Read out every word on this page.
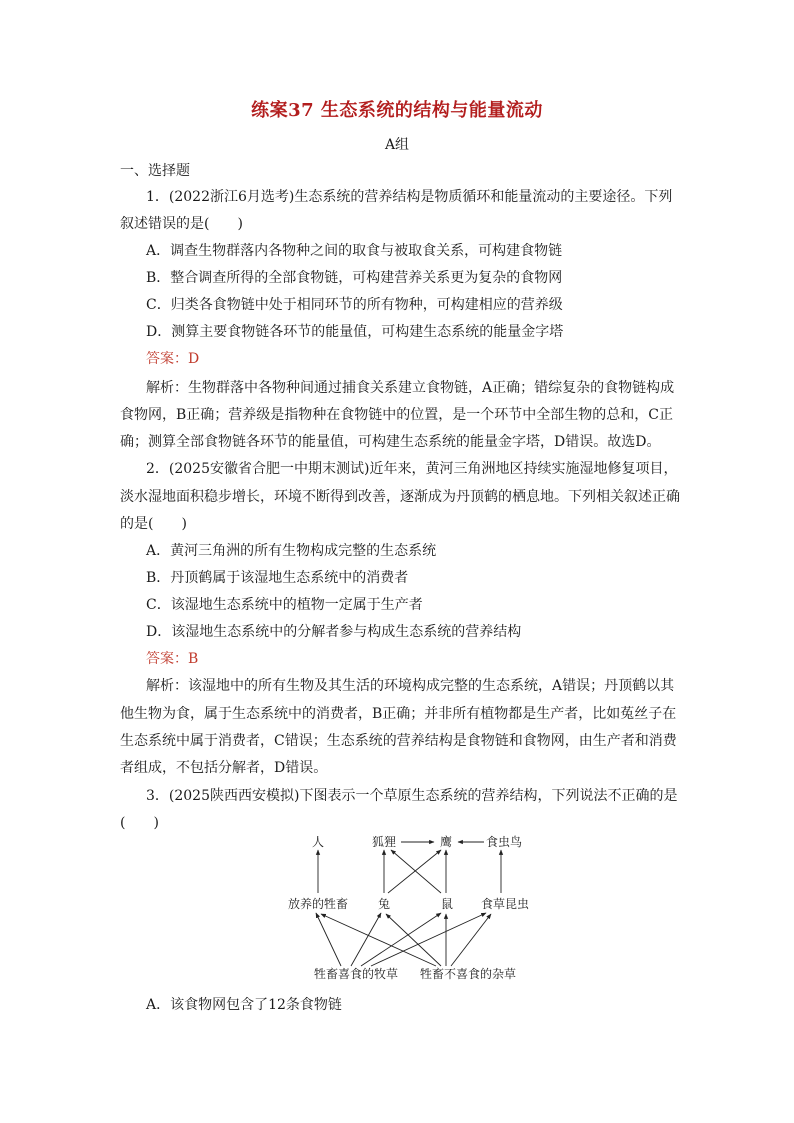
练案37 生态系统的结构与能量流动
A组
一、选择题
1．(2022浙江6月选考)生态系统的营养结构是物质循环和能量流动的主要途径。下列
叙述错误的是(　　)
A．调查生物群落内各物种之间的取食与被取食关系，可构建食物链
B．整合调查所得的全部食物链，可构建营养关系更为复杂的食物网
C．归类各食物链中处于相同环节的所有物种，可构建相应的营养级
D．测算主要食物链各环节的能量值，可构建生态系统的能量金字塔
答案：D
解析：生物群落中各物种间通过捕食关系建立食物链，A正确；错综复杂的食物链构成
食物网，B正确；营养级是指物种在食物链中的位置，是一个环节中全部生物的总和，C正
确；测算全部食物链各环节的能量值，可构建生态系统的能量金字塔，D错误。故选D。
2．(2025安徽省合肥一中期末测试)近年来，黄河三角洲地区持续实施湿地修复项目，
淡水湿地面积稳步增长，环境不断得到改善，逐渐成为丹顶鹤的栖息地。下列相关叙述正确
的是(　　)
A．黄河三角洲的所有生物构成完整的生态系统
B．丹顶鹤属于该湿地生态系统中的消费者
C．该湿地生态系统中的植物一定属于生产者
D．该湿地生态系统中的分解者参与构成生态系统的营养结构
答案：B
解析：该湿地中的所有生物及其生活的环境构成完整的生态系统，A错误；丹顶鹤以其
他生物为食，属于生态系统中的消费者，B正确；并非所有植物都是生产者，比如菟丝子在
生态系统中属于消费者，C错误；生态系统的营养结构是食物链和食物网，由生产者和消费
者组成，不包括分解者，D错误。
3．(2025陕西西安模拟)下图表示一个草原生态系统的营养结构，下列说法不正确的是
(　　)
人	狐狸	鹰	食虫鸟
放养的牲畜 兔	鼠 食草昆虫
牲畜喜食的牧草 牲畜不喜食的杂草
A．该食物网包含了12条食物链
